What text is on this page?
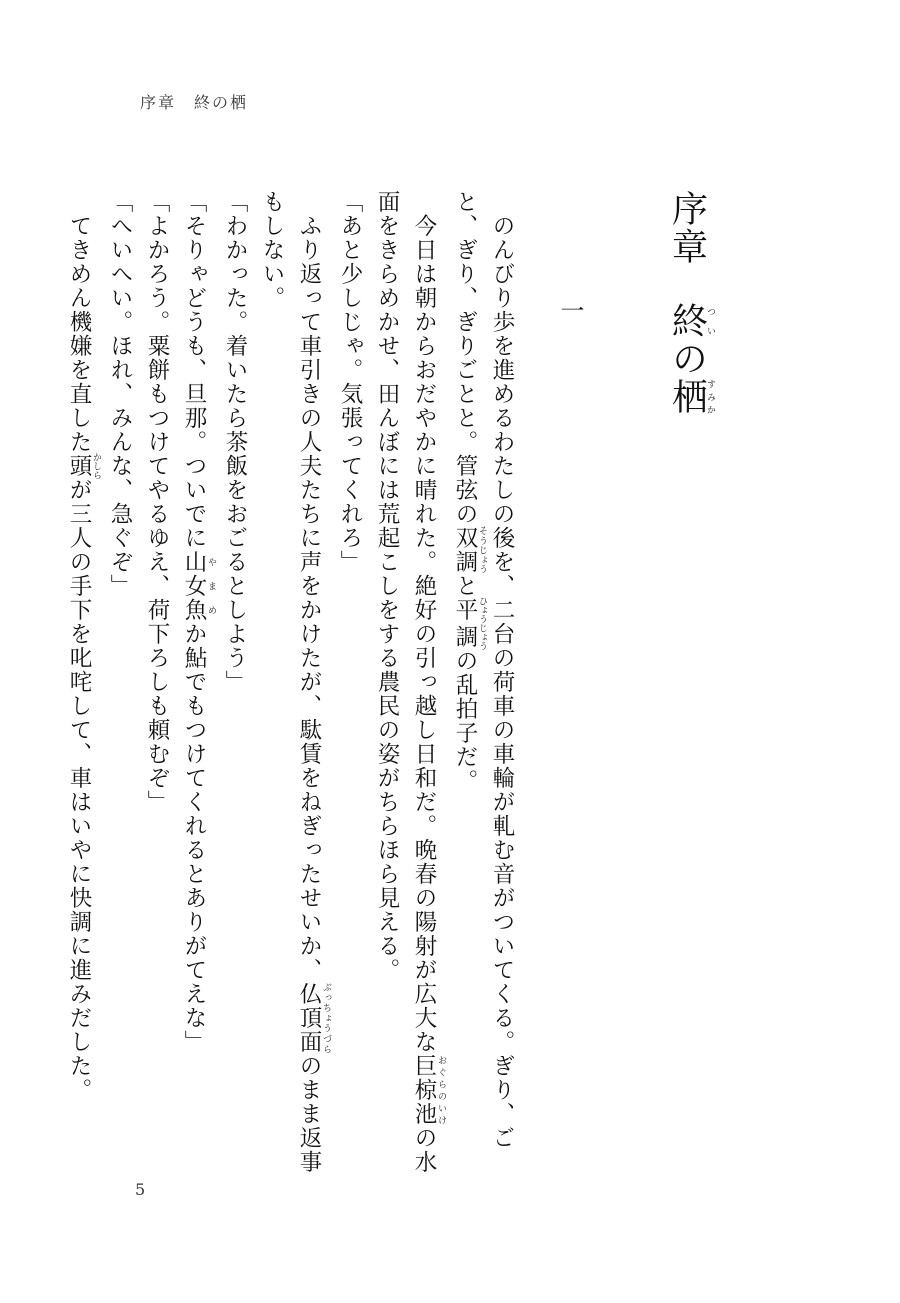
序章　終の栖
序章終ついの栖すみか
一

　のんびり歩を進めるわたしの後を、二台の荷車の車輪が軋む音がついてくる。ぎり、ごと、ぎり、ぎりごとと。管弦の双調 そうじょうと平調 ひょうじょうの乱拍子だ。

　今日は朝からおだやかに晴れた。絶好の引っ越し日和だ。晩春の陽射が広大な巨椋池 おぐらのいけの水面をきらめかせ、田んぼには荒起こしをする農民の姿がちらほら見える。

「あと少しじゃ。気張ってくれろ」

　ふり返って車引きの人夫たちに声をかけたが、駄賃をねぎったせいか、仏頂面 ぶっちょうづらのまま返事もしない。

「わかった。着いたら茶飯をおごるとしよう」

「そりゃどうも、旦那。ついでに山女魚 やまめか鮎でもつけてくれるとありがてえな」

「よかろう。粟餅もつけてやるゆえ、荷下ろしも頼むぞ」

「へいへい。ほれ、みんな、急ぐぞ」

　てきめん機嫌を直した頭 かしらが三人の手下を叱咤して、車はいやに快調に進みだした。

5
